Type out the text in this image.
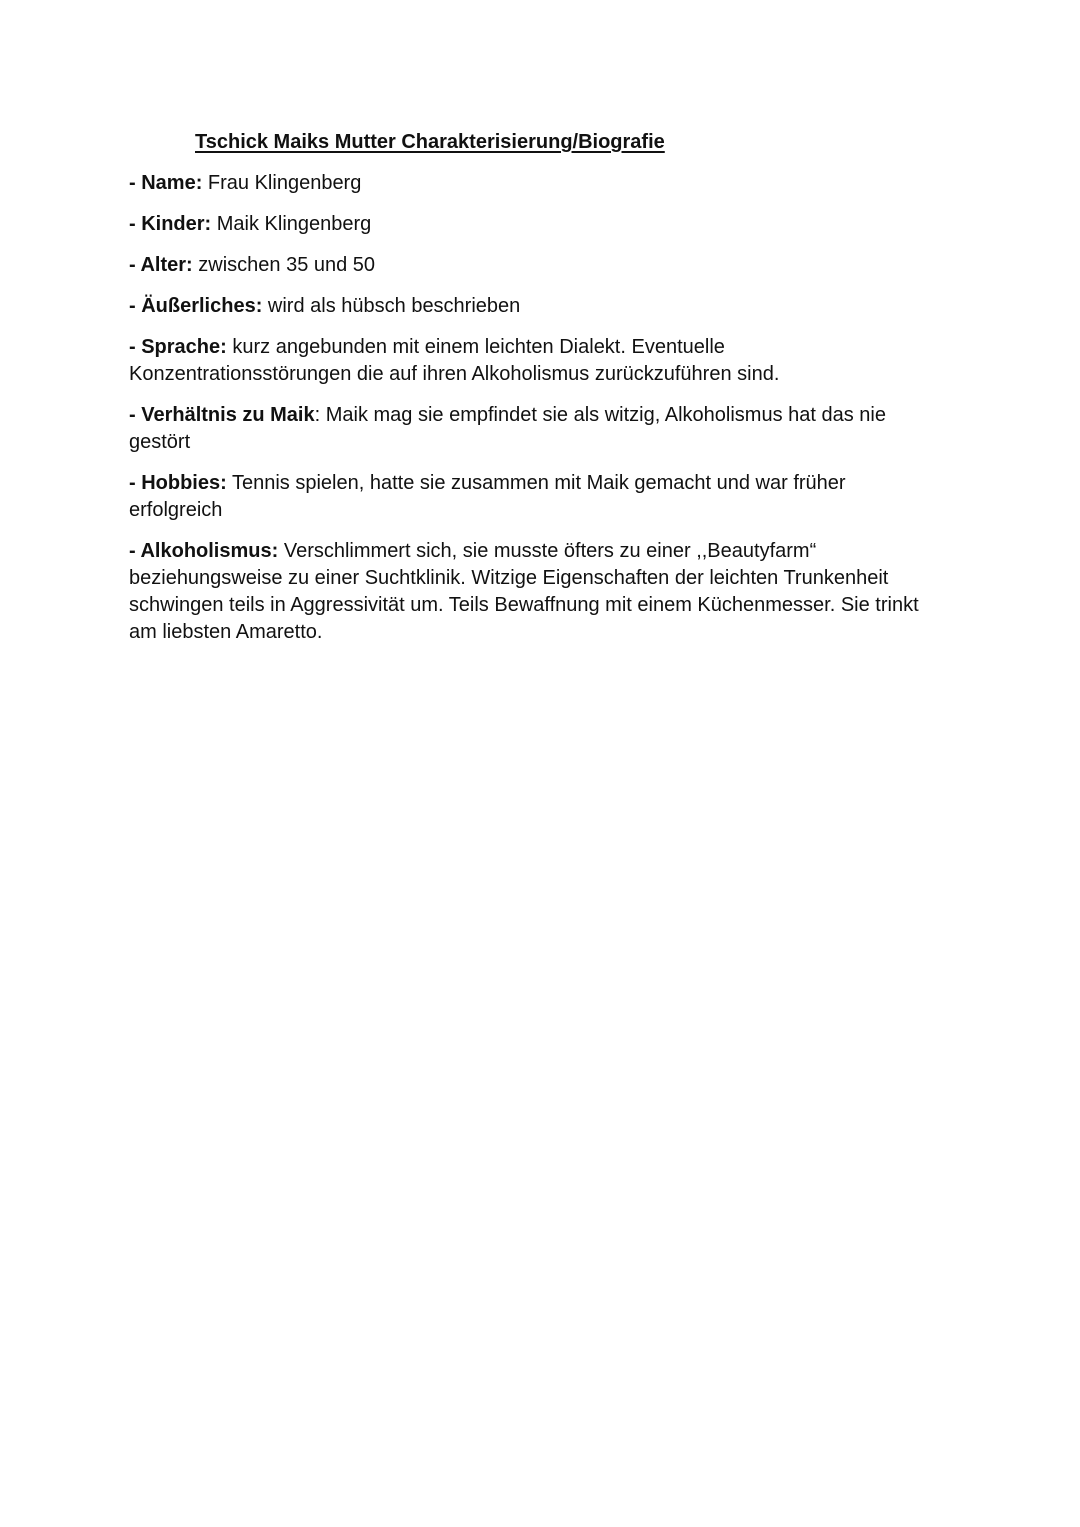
Tschick Maiks Mutter Charakterisierung/Biografie
- Name: Frau Klingenberg
- Kinder: Maik Klingenberg
- Alter: zwischen 35 und 50
- Äußerliches: wird als hübsch beschrieben
- Sprache: kurz angebunden mit einem leichten Dialekt. Eventuelle Konzentrationsstörungen die auf ihren Alkoholismus zurückzuführen sind.
- Verhältnis zu Maik: Maik mag sie empfindet sie als witzig, Alkoholismus hat das nie gestört
- Hobbies: Tennis spielen, hatte sie zusammen mit Maik gemacht und war früher erfolgreich
- Alkoholismus: Verschlimmert sich, sie musste öfters zu einer ,,Beautyfarm“ beziehungsweise zu einer Suchtklinik. Witzige Eigenschaften der leichten Trunkenheit schwingen teils in Aggressivität um. Teils Bewaffnung mit einem Küchenmesser. Sie trinkt am liebsten Amaretto.
